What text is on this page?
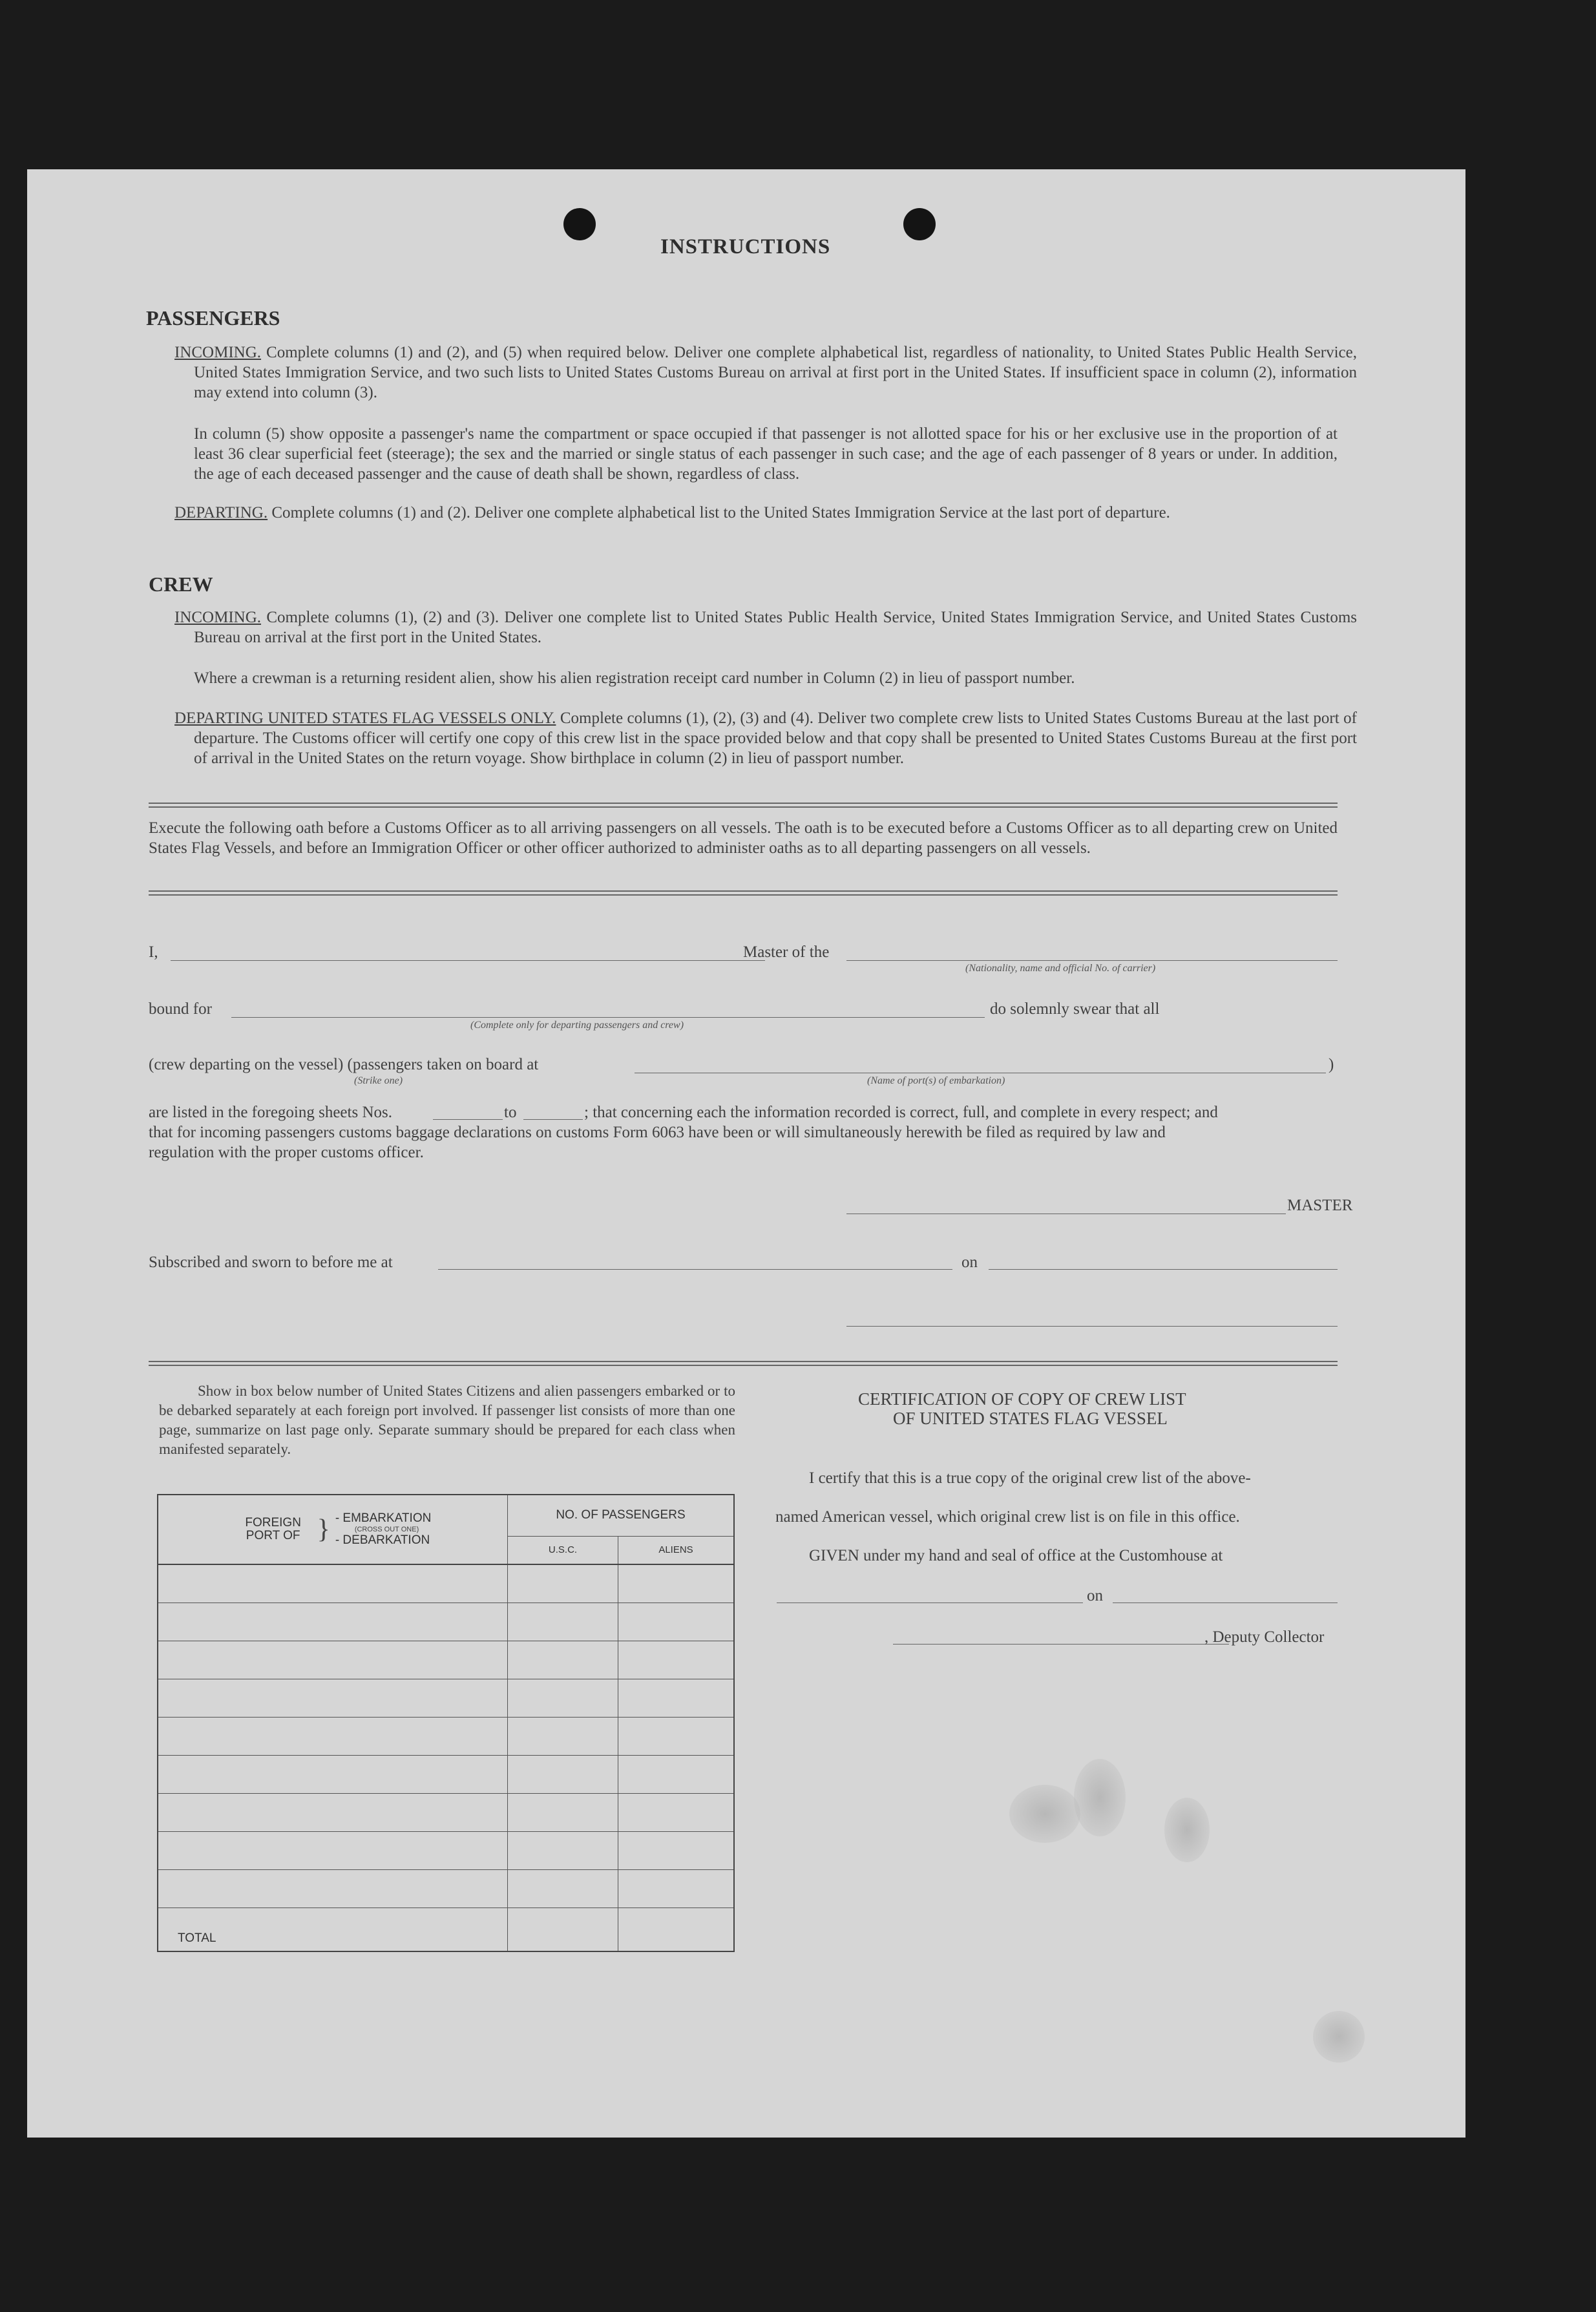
INSTRUCTIONS
PASSENGERS
INCOMING. Complete columns (1) and (2), and (5) when required below. Deliver one complete alphabetical list, regardless of nationality, to United States Public Health Service, United States Immigration Service, and two such lists to United States Customs Bureau on arrival at first port in the United States. If insufficient space in column (2), information may extend into column (3).
In column (5) show opposite a passenger's name the compartment or space occupied if that passenger is not allotted space for his or her exclusive use in the proportion of at least 36 clear superficial feet (steerage); the sex and the married or single status of each passenger in such case; and the age of each passenger of 8 years or under. In addition, the age of each deceased passenger and the cause of death shall be shown, regardless of class.
DEPARTING. Complete columns (1) and (2). Deliver one complete alphabetical list to the United States Immigration Service at the last port of departure.
CREW
INCOMING. Complete columns (1), (2) and (3). Deliver one complete list to United States Public Health Service, United States Immigration Service, and United States Customs Bureau on arrival at the first port in the United States.
Where a crewman is a returning resident alien, show his alien registration receipt card number in Column (2) in lieu of passport number.
DEPARTING UNITED STATES FLAG VESSELS ONLY. Complete columns (1), (2), (3) and (4). Deliver two complete crew lists to United States Customs Bureau at the last port of departure. The Customs officer will certify one copy of this crew list in the space provided below and that copy shall be presented to United States Customs Bureau at the first port of arrival in the United States on the return voyage. Show birthplace in column (2) in lieu of passport number.
Execute the following oath before a Customs Officer as to all arriving passengers on all vessels. The oath is to be executed before a Customs Officer as to all departing crew on United States Flag Vessels, and before an Immigration Officer or other officer authorized to administer oaths as to all departing passengers on all vessels.
I,	Master of the
(Nationality, name and official No. of carrier)
bound for	do solemnly swear that all
(Complete only for departing passengers and crew)
(crew departing on the vessel) (passengers taken on board at	)
(Strike one)	(Name of port(s) of embarkation)
are listed in the foregoing sheets Nos.	to	; that concerning each the information recorded is correct, full, and complete in every respect; and
that for incoming passengers customs baggage declarations on customs Form 6063 have been or will simultaneously herewith be filed as required by law and
regulation with the proper customs officer.
MASTER
Subscribed and sworn to before me at	on
Show in box below number of United States Citizens and alien passengers embarked or to be debarked separately at each foreign port involved. If passenger list consists of more than one page, summarize on last page only. Separate summary should be prepared for each class when manifested separately.
FOREIGN PORT OF } - EMBARKATION
(CROSS OUT ONE)
- DEBARKATION	NO. OF PASSENGERS	
	U.S.C.	ALIENS

TOTAL		

CERTIFICATION OF COPY OF CREW LIST
OF UNITED STATES FLAG VESSEL
I certify that this is a true copy of the original crew list of the above-
named American vessel, which original crew list is on file in this office.
GIVEN under my hand and seal of office at the Customhouse at
on
, Deputy Collector
